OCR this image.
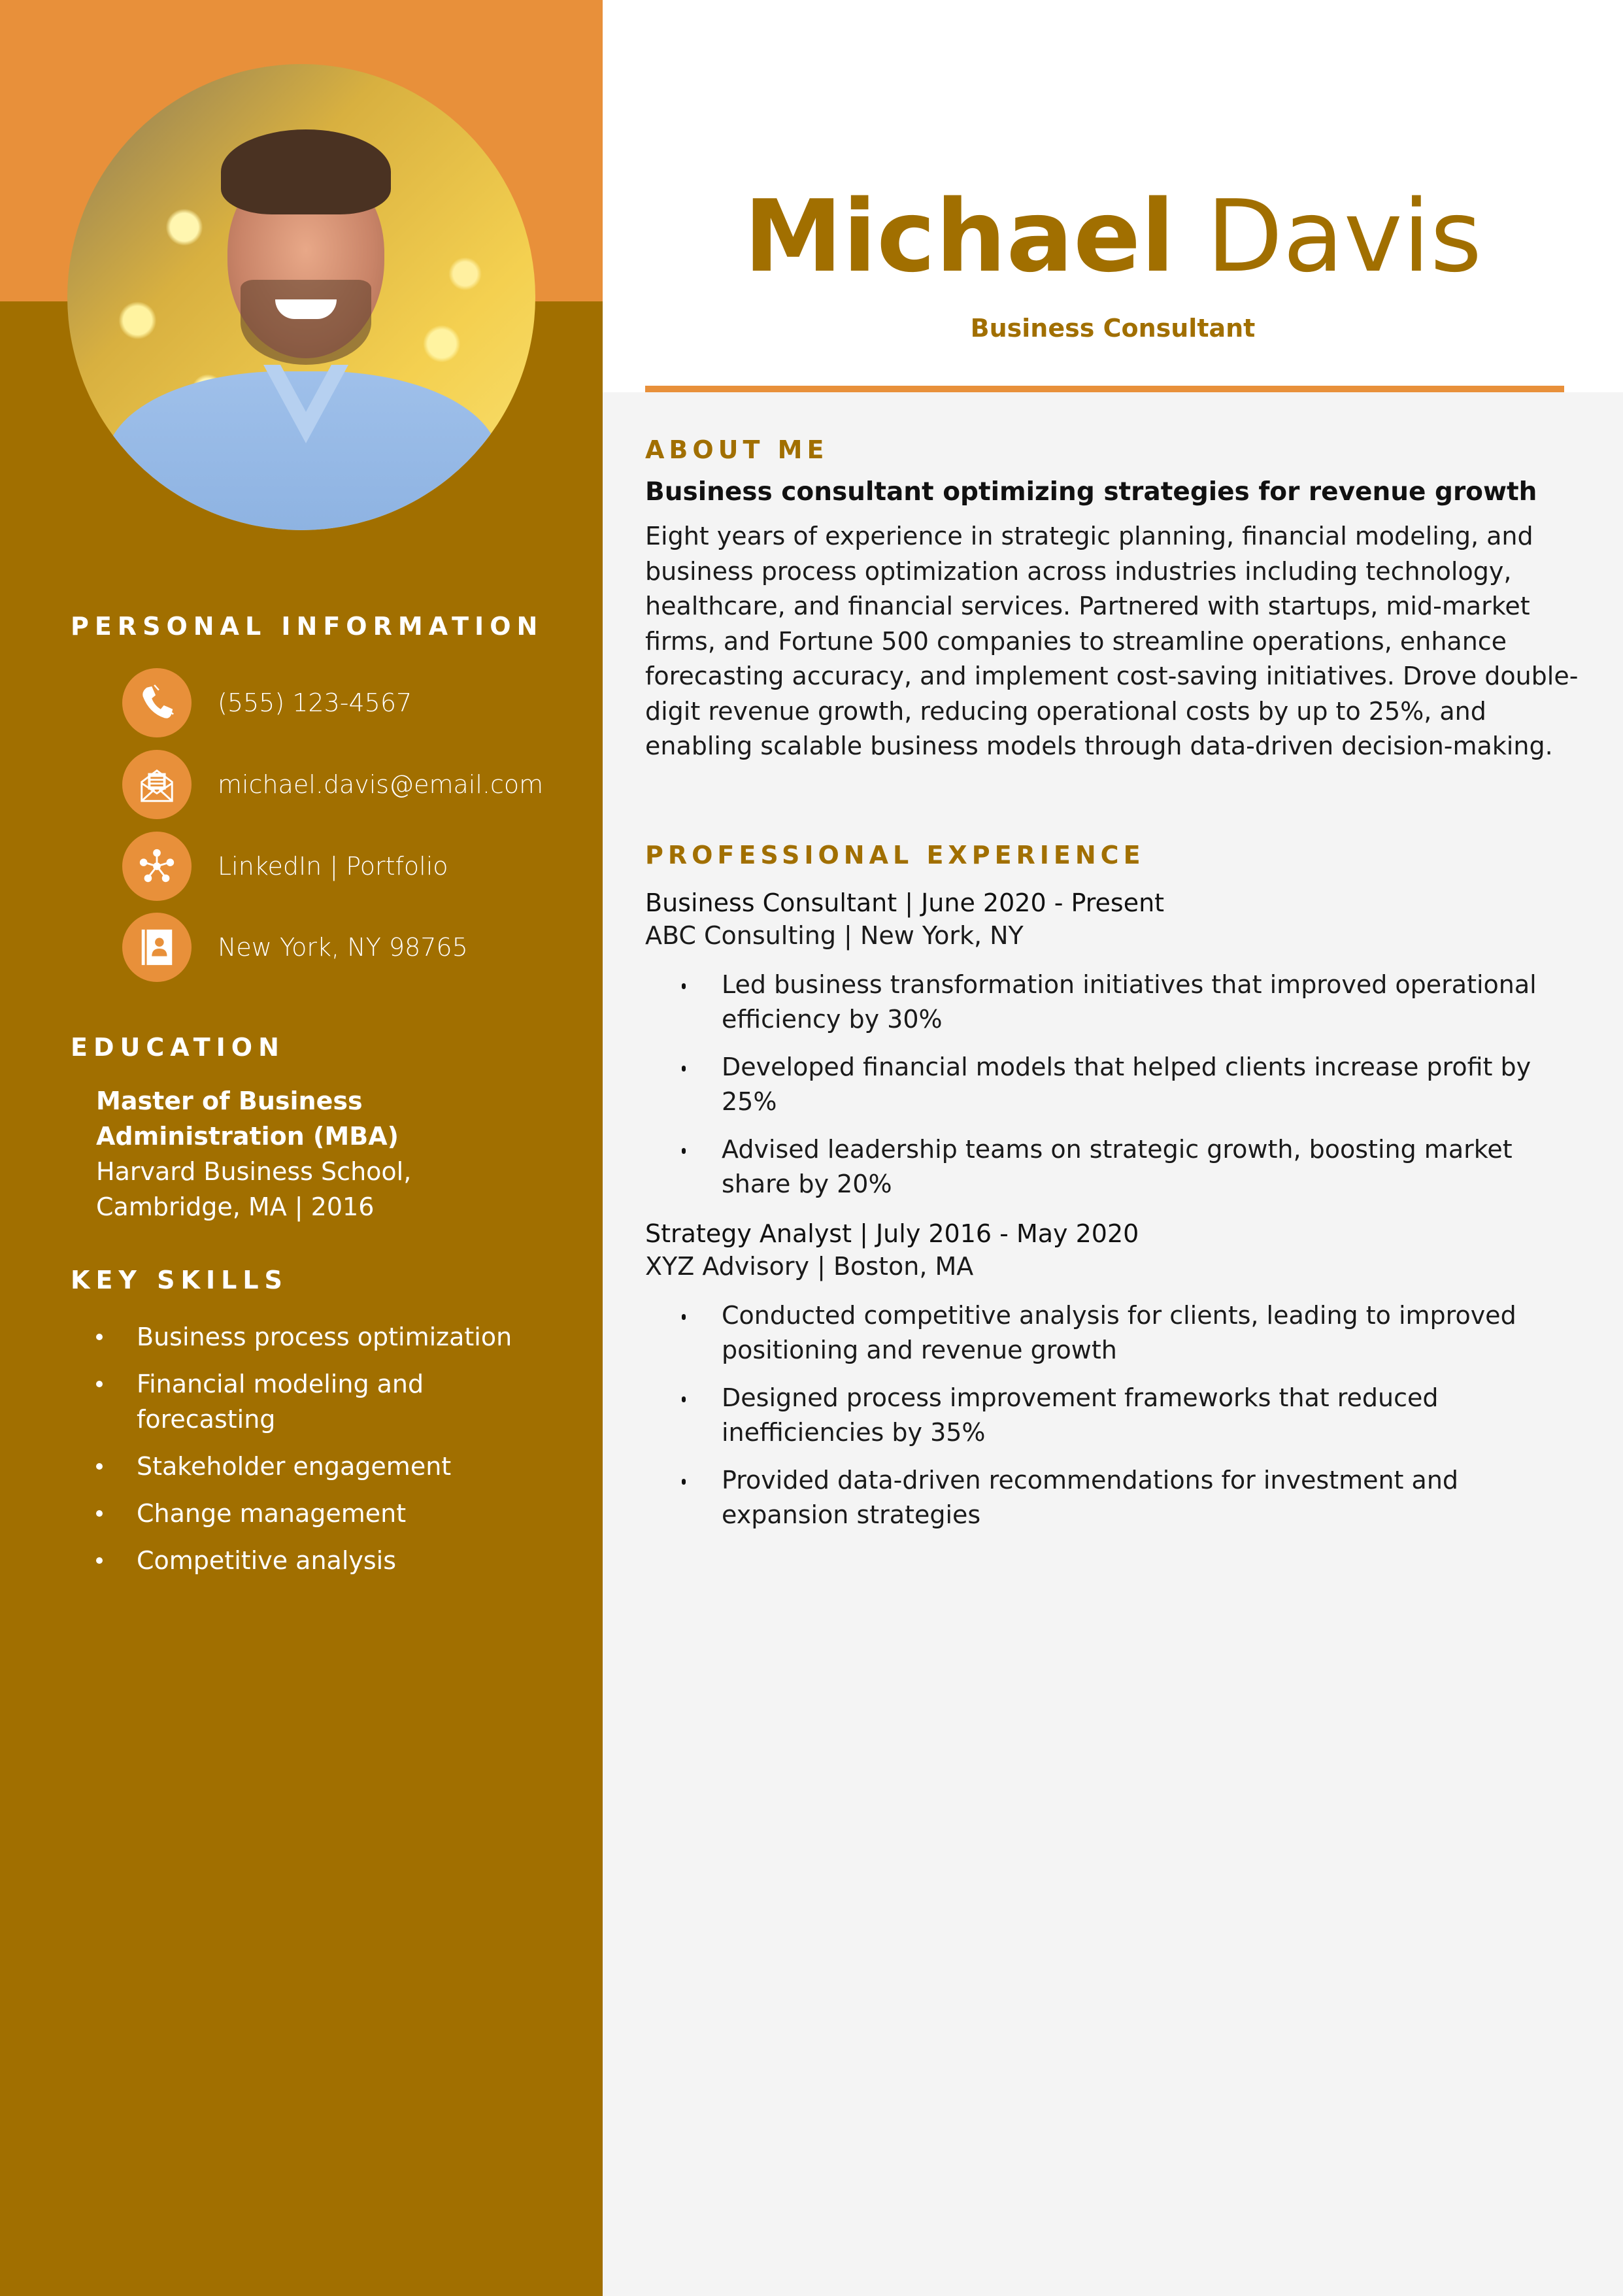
PERSONAL INFORMATION
(555) 123-4567
michael.davis@email.com
LinkedIn | Portfolio
New York, NY 98765
EDUCATION
Master of Business Administration (MBA)
Harvard Business School, Cambridge, MA | 2016
KEY SKILLS
Business process optimization
Financial modeling and forecasting
Stakeholder engagement
Change management
Competitive analysis
Michael Davis
Business Consultant
ABOUT ME
Business consultant optimizing strategies for revenue growth
Eight years of experience in strategic planning, financial modeling, and business process optimization across industries including technology, healthcare, and financial services. Partnered with startups, mid-market firms, and Fortune 500 companies to streamline operations, enhance forecasting accuracy, and implement cost-saving initiatives. Drove double-digit revenue growth, reducing operational costs by up to 25%, and enabling scalable business models through data-driven decision-making.
PROFESSIONAL EXPERIENCE
Business Consultant | June 2020 - Present
ABC Consulting | New York, NY
Led business transformation initiatives that improved operational efficiency by 30%
Developed financial models that helped clients increase profit by 25%
Advised leadership teams on strategic growth, boosting market share by 20%
Strategy Analyst | July 2016 - May 2020
XYZ Advisory | Boston, MA
Conducted competitive analysis for clients, leading to improved positioning and revenue growth
Designed process improvement frameworks that reduced inefficiencies by 35%
Provided data-driven recommendations for investment and expansion strategies
